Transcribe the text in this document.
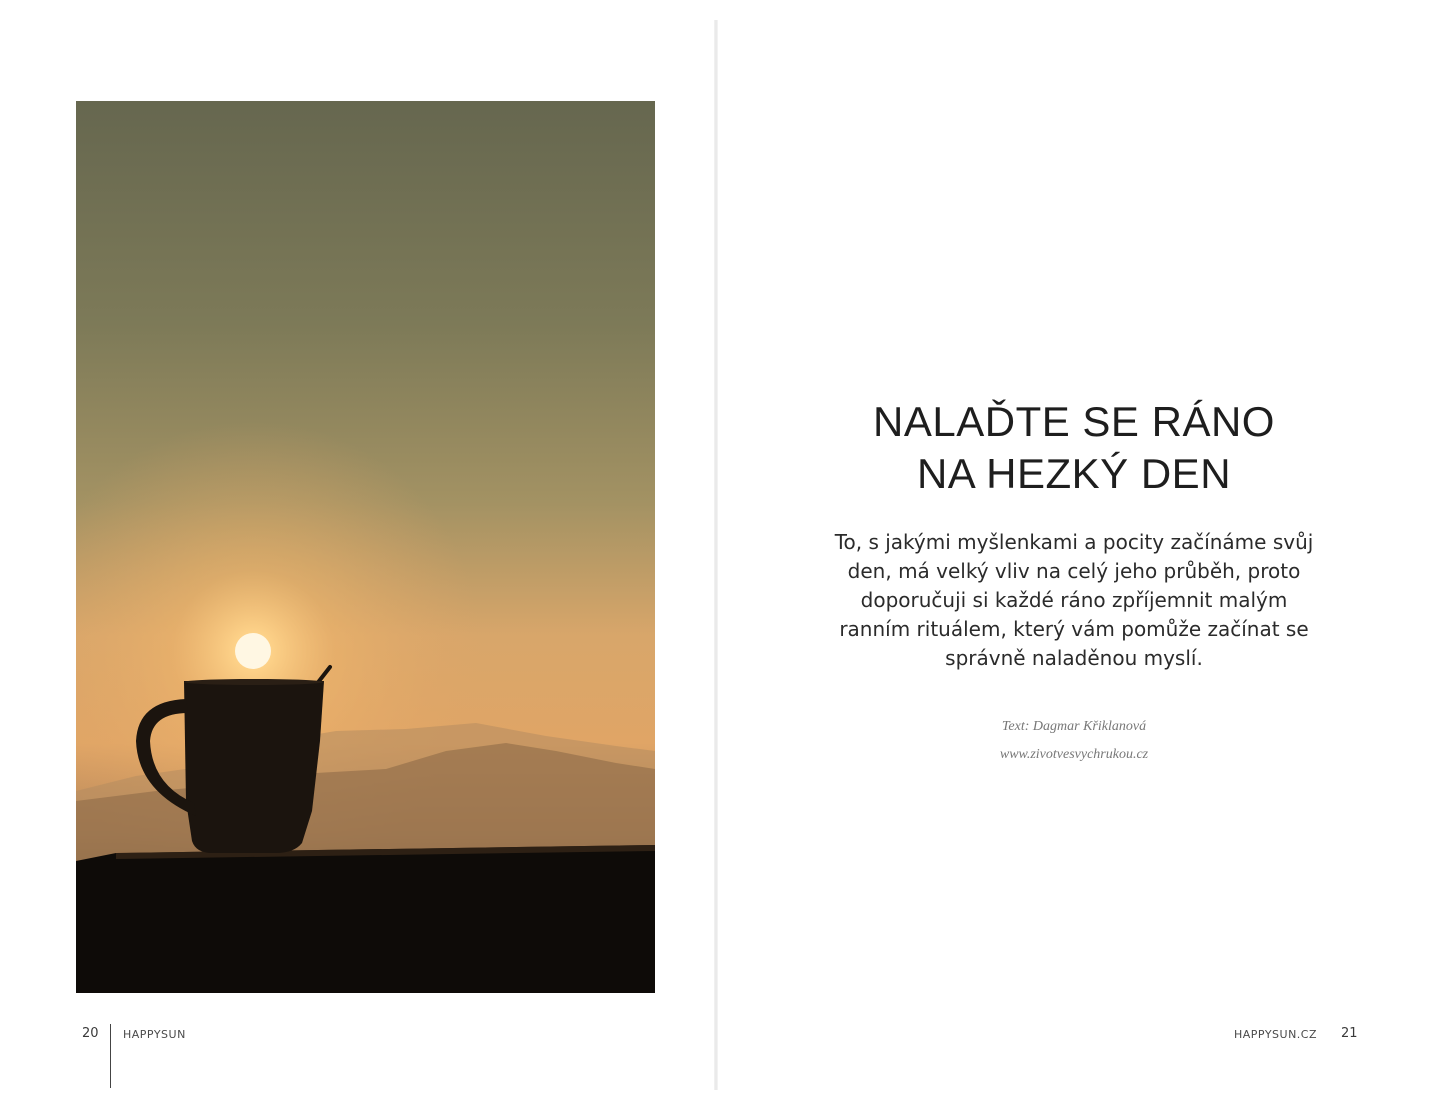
20 HAPPYSUN
NALAĎTE SE RÁNO
NA HEZKÝ DEN

To, s jakými myšlenkami a pocity začínáme svůj den, má velký vliv na celý jeho průběh, proto doporučuji si každé ráno zpříjemnit malým ranním rituálem, který vám pomůže začínat se správně naladěnou myslí.

Text: Dagmar Křiklanová
www.zivotvesvychrukou.cz
HAPPYSUN.CZ 21
